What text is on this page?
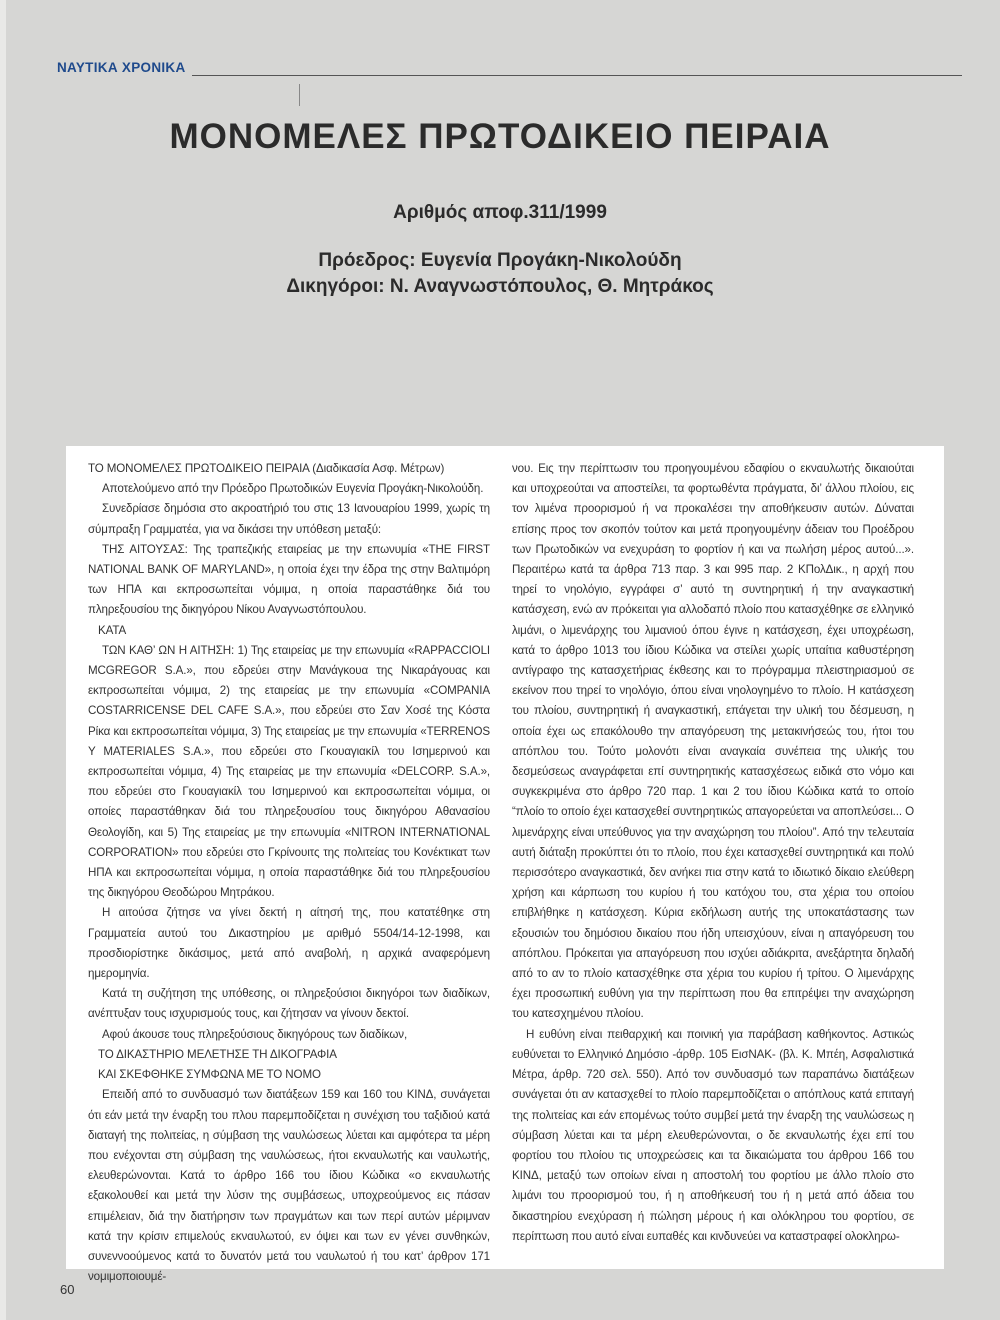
ΝΑΥΤΙΚΑ ΧΡΟΝΙΚΑ
ΜΟΝΟΜΕΛΕΣ ΠΡΩΤΟΔΙΚΕΙΟ ΠΕΙΡΑΙΑ
Αριθμός αποφ.311/1999
Πρόεδρος: Ευγενία Προγάκη-Νικολούδη
Δικηγόροι: Ν. Αναγνωστόπουλος, Θ. Μητράκος

ΤΟ ΜΟΝΟΜΕΛΕΣ ΠΡΩΤΟΔΙΚΕΙΟ ΠΕΙΡΑΙΑ (Διαδικασία Ασφ. Μέτρων)

Αποτελούμενο από την Πρόεδρο Πρωτοδικών Ευγενία Προγάκη-Νικολούδη.

Συνεδρίασε δημόσια στο ακροατήριό του στις 13 Ιανουαρίου 1999, χωρίς τη σύμπραξη Γραμματέα, για να δικάσει την υπόθεση μεταξύ:

ΤΗΣ ΑΙΤΟΥΣΑΣ: Της τραπεζικής εταιρείας με την επωνυμία «THE FIRST NATIONAL BANK OF MARYLAND», η οποία έχει την έδρα της στην Βαλτιμόρη των ΗΠΑ και εκπροσωπείται νόμιμα, η οποία παραστάθηκε διά του πληρεξουσίου της δικηγόρου Νίκου Αναγνωστόπουλου.

ΚΑΤΑ

ΤΩΝ ΚΑΘ’ ΩΝ Η ΑΙΤΗΣΗ: 1) Της εταιρείας με την επωνυμία «RAPPACCIOLI MCGREGOR S.A.», που εδρεύει στην Μανάγκουα της Νικαράγουας και εκπροσωπείται νόμιμα, 2) της εταιρείας με την επωνυμία «COMPANIA COSTARRICENSE DEL CAFE S.A.», που εδρεύει στο Σαν Χοσέ της Κόστα Ρίκα και εκπροσωπείται νόμιμα, 3) Της εταιρείας με την επωνυμία «TERRENOS Y MATERIALES S.A.», που εδρεύει στο Γκουαγιακίλ του Ισημερινού και εκπροσωπείται νόμιμα, 4) Της εταιρείας με την επωνυμία «DELCORP. S.A.», που εδρεύει στο Γκουαγιακίλ του Ισημερινού και εκπροσωπείται νόμιμα, οι οποίες παραστάθηκαν διά του πληρεξουσίου τους δικηγόρου Αθανασίου Θεολογίδη, και 5) Της εταιρείας με την επωνυμία «NITRON INTERNATIONAL CORPORATION» που εδρεύει στο Γκρίνουιτς της πολιτείας του Κονέκτικατ των ΗΠΑ και εκπροσωπείται νόμιμα, η οποία παραστάθηκε διά του πληρεξουσίου της δικηγόρου Θεοδώρου Μητράκου.

Η αιτούσα ζήτησε να γίνει δεκτή η αίτησή της, που κατατέθηκε στη Γραμματεία αυτού του Δικαστηρίου με αριθμό 5504/14-12-1998, και προσδιορίστηκε δικάσιμος, μετά από αναβολή, η αρχικά αναφερόμενη ημερομηνία.

Κατά τη συζήτηση της υπόθεσης, οι πληρεξούσιοι δικηγόροι των διαδίκων, ανέπτυξαν τους ισχυρισμούς τους, και ζήτησαν να γίνουν δεκτοί.

Αφού άκουσε τους πληρεξούσιους δικηγόρους των διαδίκων,

ΤΟ ΔΙΚΑΣΤΗΡΙΟ ΜΕΛΕΤΗΣΕ ΤΗ ΔΙΚΟΓΡΑΦΙΑ

ΚΑΙ ΣΚΕΦΘΗΚΕ ΣΥΜΦΩΝΑ ΜΕ ΤΟ ΝΟΜΟ

Επειδή από το συνδυασμό των διατάξεων 159 και 160 του ΚΙΝΔ, συνάγεται ότι εάν μετά την έναρξη του πλου παρεμποδίζεται η συνέχιση του ταξιδιού κατά διαταγή της πολιτείας, η σύμβαση της ναυλώσεως λύεται και αμφότερα τα μέρη που ενέχονται στη σύμβαση της ναυλώσεως, ήτοι εκναυλωτής και ναυλωτής, ελευθερώνονται. Κατά το άρθρο 166 του ίδιου Κώδικα «ο εκναυλωτής εξακολουθεί και μετά την λύσιν της συμβάσεως, υποχρεούμενος εις πάσαν επιμέλειαν, διά την διατήρησιν των πραγμάτων και των περί αυτών μέριμναν κατά την κρίσιν επιμελούς εκναυλωτού, εν όψει και των εν γένει συνθηκών, συνεννοούμενος κατά το δυνατόν μετά του ναυλωτού ή του κατ’ άρθρον 171 νομιμοποιουμέ-

νου. Εις την περίπτωσιν του προηγουμένου εδαφίου ο εκναυλωτής δικαιούται και υποχρεούται να αποστείλει, τα φορτωθέντα πράγματα, δι’ άλλου πλοίου, εις τον λιμένα προορισμού ή να προκαλέσει την αποθήκευσιν αυτών. Δύναται επίσης προς τον σκοπόν τούτον και μετά προηγουμένην άδειαν του Προέδρου των Πρωτοδικών να ενεχυράση το φορτίον ή και να πωλήση μέρος αυτού...». Περαιτέρω κατά τα άρθρα 713 παρ. 3 και 995 παρ. 2 ΚΠολΔικ., η αρχή που τηρεί το νηολόγιο, εγγράφει σ’ αυτό τη συντηρητική ή την αναγκαστική κατάσχεση, ενώ αν πρόκειται για αλλοδαπό πλοίο που κατασχέθηκε σε ελληνικό λιμάνι, ο λιμενάρχης του λιμανιού όπου έγινε η κατάσχεση, έχει υποχρέωση, κατά το άρθρο 1013 του ίδιου Κώδικα να στείλει χωρίς υπαίτια καθυστέρηση αντίγραφο της κατασχετήριας έκθεσης και το πρόγραμμα πλειστηριασμού σε εκείνον που τηρεί το νηολόγιο, όπου είναι νηολογημένο το πλοίο. Η κατάσχεση του πλοίου, συντηρητική ή αναγκαστική, επάγεται την υλική του δέσμευση, η οποία έχει ως επακόλουθο την απαγόρευση της μετακινήσεώς του, ήτοι του απόπλου του. Τούτο μολονότι είναι αναγκαία συνέπεια της υλικής του δεσμεύσεως αναγράφεται επί συντηρητικής κατασχέσεως ειδικά στο νόμο και συγκεκριμένα στο άρθρο 720 παρ. 1 και 2 του ίδιου Κώδικα κατά το οποίο “πλοίο το οποίο έχει κατασχεθεί συντηρητικώς απαγορεύεται να αποπλεύσει... Ο λιμενάρχης είναι υπεύθυνος για την αναχώρηση του πλοίου”. Από την τελευταία αυτή διάταξη προκύπτει ότι το πλοίο, που έχει κατασχεθεί συντηρητικά και πολύ περισσότερο αναγκαστικά, δεν ανήκει πια στην κατά το ιδιωτικό δίκαιο ελεύθερη χρήση και κάρπωση του κυρίου ή του κατόχου του, στα χέρια του οποίου επιβλήθηκε η κατάσχεση. Κύρια εκδήλωση αυτής της υποκατάστασης των εξουσιών του δημόσιου δικαίου που ήδη υπεισχύουν, είναι η απαγόρευση του απόπλου. Πρόκειται για απαγόρευση που ισχύει αδιάκριτα, ανεξάρτητα δηλαδή από το αν το πλοίο κατασχέθηκε στα χέρια του κυρίου ή τρίτου. Ο λιμενάρχης έχει προσωπική ευθύνη για την περίπτωση που θα επιτρέψει την αναχώρηση του κατεσχημένου πλοίου.

Η ευθύνη είναι πειθαρχική και ποινική για παράβαση καθήκοντος. Αστικώς ευθύνεται το Ελληνικό Δημόσιο -άρθρ. 105 ΕισΝΑΚ- (βλ. Κ. Μπέη, Ασφαλιστικά Μέτρα, άρθρ. 720 σελ. 550). Από τον συνδυασμό των παραπάνω διατάξεων συνάγεται ότι αν κατασχεθεί το πλοίο παρεμποδίζεται ο απόπλους κατά επιταγή της πολιτείας και εάν επομένως τούτο συμβεί μετά την έναρξη της ναυλώσεως η σύμβαση λύεται και τα μέρη ελευθερώνονται, ο δε εκναυλωτής έχει επί του φορτίου του πλοίου τις υποχρεώσεις και τα δικαιώματα του άρθρου 166 του ΚΙΝΔ, μεταξύ των οποίων είναι η αποστολή του φορτίου με άλλο πλοίο στο λιμάνι του προορισμού του, ή η αποθήκευσή του ή η μετά από άδεια του δικαστηρίου ενεχύραση ή πώληση μέρους ή και ολόκληρου του φορτίου, σε περίπτωση που αυτό είναι ευπαθές και κινδυνεύει να καταστραφεί ολοκληρω-

60
